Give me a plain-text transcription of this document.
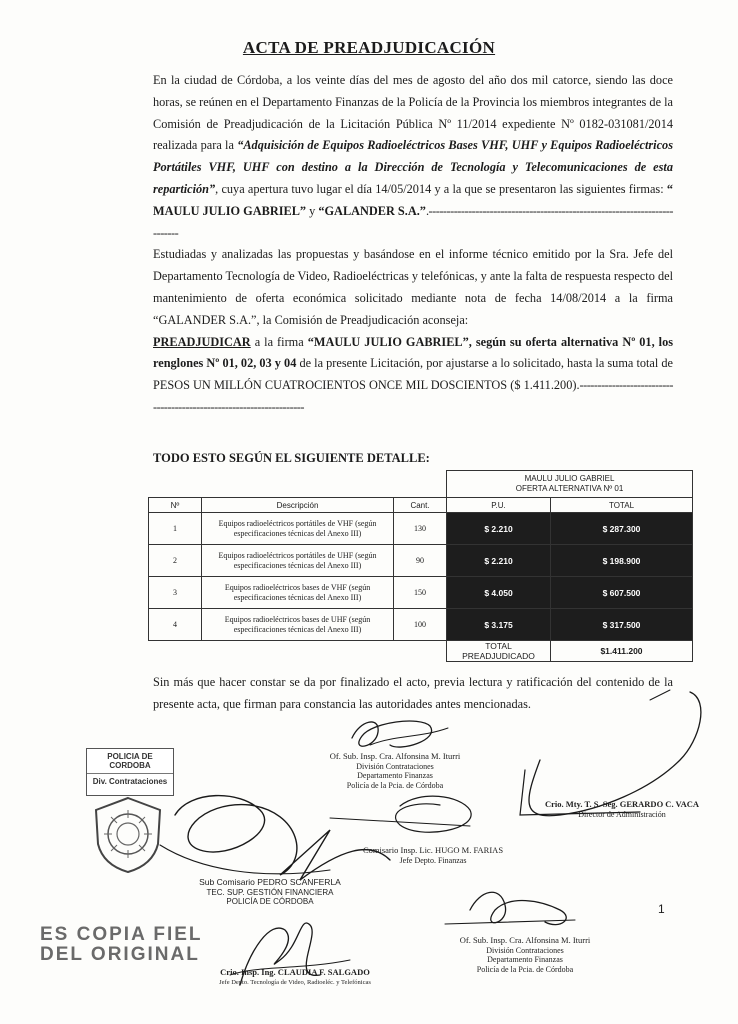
ACTA DE PREADJUDICACIÓN

En la ciudad de Córdoba, a los veinte días del mes de agosto del año dos mil catorce, siendo las doce horas, se reúnen en el Departamento Finanzas de la Policía de la Provincia los miembros integrantes de la Comisión de Preadjudicación de la Licitación Pública Nº 11/2014 expediente Nº 0182-031081/2014 realizada para la “Adquisición de Equipos Radioeléctricos Bases VHF, UHF y Equipos Radioeléctricos Portátiles VHF, UHF con destino a la Dirección de Tecnología y Telecomunicaciones de esta repartición”, cuya apertura tuvo lugar el día 14/05/2014 y a la que se presentaron las siguientes firmas: “ MAULU JULIO GABRIEL” y “GALANDER S.A.”.---------------------------------------------------------------------------

Estudiadas y analizadas las propuestas y basándose en el informe técnico emitido por la Sra. Jefe del Departamento Tecnología de Video, Radioeléctricas y telefónicas, y ante la falta de respuesta respecto del mantenimiento de oferta económica solicitado mediante nota de fecha 14/08/2014 a la firma “GALANDER S.A.”, la Comisión de Preadjudicación aconseja:

PREADJUDICAR a la firma “MAULU JULIO GABRIEL”, según su oferta alternativa Nº 01, los renglones Nº 01, 02, 03 y 04 de la presente Licitación, por ajustarse a lo solicitado, hasta la suma total de PESOS UN MILLÓN CUATROCIENTOS ONCE MIL DOSCIENTOS ($ 1.411.200).--------------------------------------------------------------------

TODO ESTO SEGÚN EL SIGUIENTE DETALLE:

			MAULU JULIO GABRIEL
OFERTA ALTERNATIVA Nº 01	

Nº	Descripción	Cant.	P.U.	TOTAL
1	Equipos radioeléctricos portátiles de VHF (según especificaciones técnicas del Anexo III)	130	$ 2.210	$ 287.300
2	Equipos radioeléctricos portátiles de UHF (según especificaciones técnicas del Anexo III)	90	$ 2.210	$ 198.900
3	Equipos radioeléctricos bases de VHF (según especificaciones técnicas del Anexo III)	150	$ 4.050	$ 607.500
4	Equipos radioeléctricos bases de UHF (según especificaciones técnicas del Anexo III)	100	$ 3.175	$ 317.500

			TOTAL
PREADJUDICADO	$1.411.200

Sin más que hacer constar se da por finalizado el acto, previa lectura y ratificación del contenido de la presente acta, que firman para constancia las autoridades antes mencionadas.

POLICIA DE CORDOBA
Div. Contrataciones
Of. Sub. Insp. Cra. Alfonsina M. Iturri
División Contrataciones
Departamento Finanzas
Policía de la Pcia. de Córdoba
Crio. Mty. T. S. Seg. GERARDO C. VACA
Director de Administración
Comisario Insp. Lic. HUGO M. FARIAS
Jefe Depto. Finanzas
Sub Comisario PEDRO SCANFERLA
TEC. SUP. GESTIÓN FINANCIERA
POLICÍA DE CÓRDOBA
Of. Sub. Insp. Cra. Alfonsina M. Iturri
División Contrataciones
Departamento Finanzas
Policía de la Pcia. de Córdoba
Crio. Insp. Ing. CLAUDIA F. SALGADO
Jefe Depto. Tecnología de Video, Radioeléc. y Telefónicas
ES COPIA FIEL
DEL ORIGINAL
1
